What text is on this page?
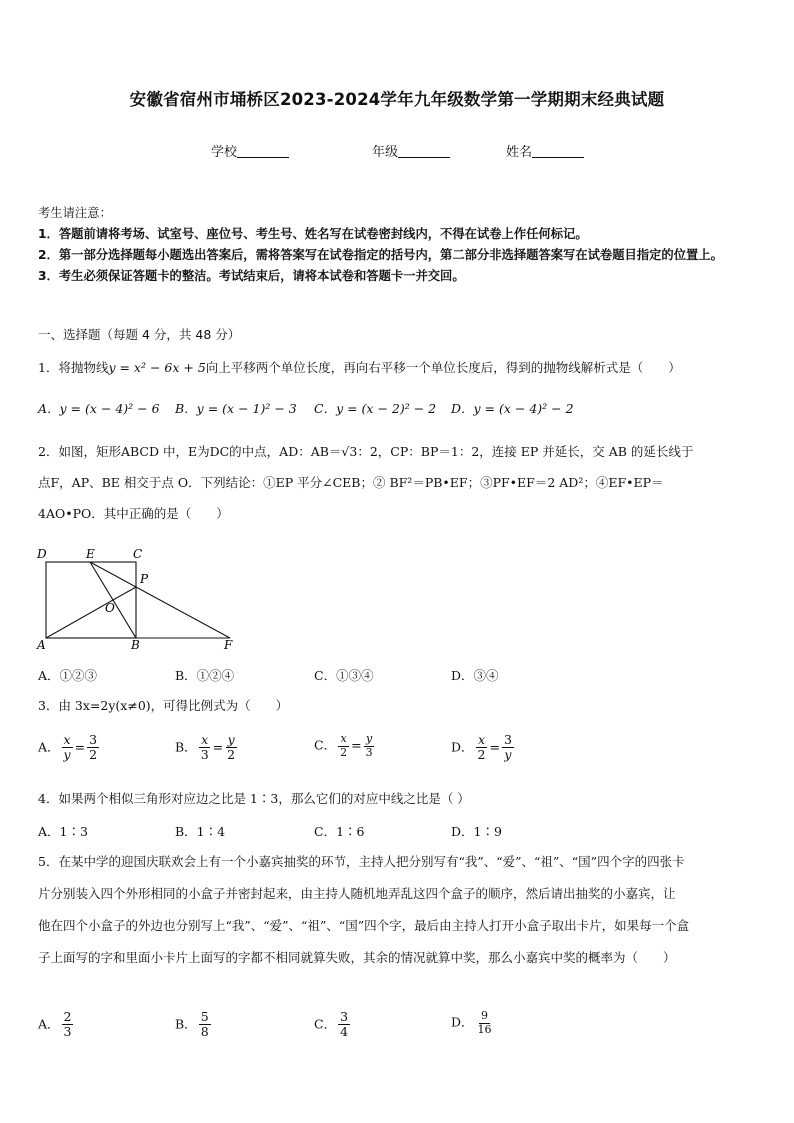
安徽省宿州市埇桥区2023-2024学年九年级数学第一学期期末经典试题
学校	年级	姓名
考生请注意：
1．答题前请将考场、试室号、座位号、考生号、姓名写在试卷密封线内，不得在试卷上作任何标记。
2．第一部分选择题每小题选出答案后，需将答案写在试卷指定的括号内，第二部分非选择题答案写在试卷题目指定的位置上。
3．考生必须保证答题卡的整洁。考试结束后，请将本试卷和答题卡一并交回。
一、选择题（每题 4 分，共 48 分）
1．将抛物线y = x² − 6x + 5向上平移两个单位长度，再向右平移一个单位长度后，得到的抛物线解析式是（　　）
A．y = (x − 4)² − 6 B．y = (x − 1)² − 3 C．y = (x − 2)² − 2 D．y = (x − 4)² − 2
2．如图，矩形ABCD 中，E为DC的中点，AD：AB＝√3：2，CP：BP＝1：2，连接 EP 并延长，交 AB 的延长线于
点F，AP、BE 相交于点 O．下列结论：①EP 平分∠CEB；② BF²＝PB•EF；③PF•EF＝2 AD²；④EF•EP＝
4AO•PO．其中正确的是（　　）
D	E	C
P
O
A	B	F
A．①②③	B．①②④	C．①③④	D．③④
3．由 3x=2y(x≠0)，可得比例式为（　　）
A． $\frac{x}{y} = \frac{3}{2}$	B． $\frac{x}{3} = \frac{y}{2}$	C． $\frac{x}{2} = \frac{y}{3}$	D． $\frac{x}{2} = \frac{3}{y}$
4．如果两个相似三角形对应边之比是 1∶3，那么它们的对应中线之比是（ ）
A．1∶3	B．1∶4	C．1∶6	D．1∶9
5．在某中学的迎国庆联欢会上有一个小嘉宾抽奖的环节，主持人把分别写有“我”、“爱”、“祖”、“国”四个字的四张卡
片分别装入四个外形相同的小盒子并密封起来，由主持人随机地弄乱这四个盒子的顺序，然后请出抽奖的小嘉宾，让
他在四个小盒子的外边也分别写上“我”、“爱”、“祖”、“国”四个字，最后由主持人打开小盒子取出卡片，如果每一个盒
子上面写的字和里面小卡片上面写的字都不相同就算失败，其余的情况就算中奖，那么小嘉宾中奖的概率为（　　）
A． $\frac{2}{3}$	B． $\frac{5}{8}$	C． $\frac{3}{4}$	D． $\frac{9}{16}$
